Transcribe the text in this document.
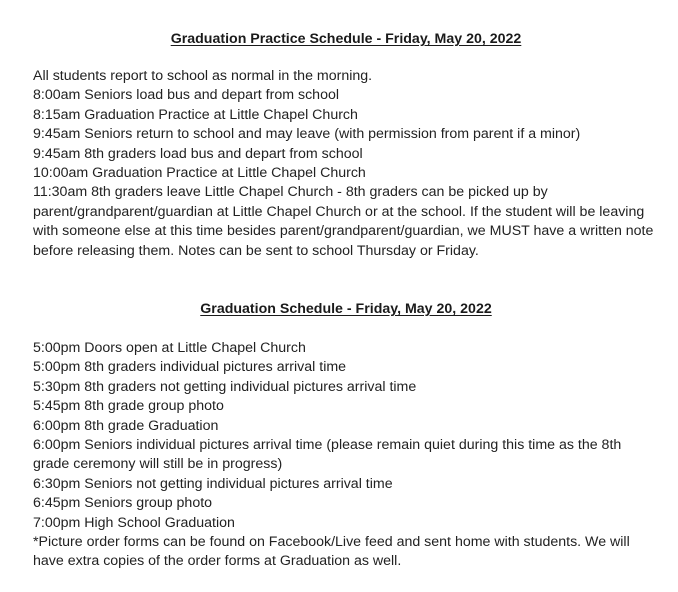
Graduation Practice Schedule - Friday, May 20, 2022
All students report to school as normal in the morning.
8:00am Seniors load bus and depart from school
8:15am Graduation Practice at Little Chapel Church
9:45am Seniors return to school and may leave (with permission from parent if a minor)
9:45am 8th graders load bus and depart from school
10:00am Graduation Practice at Little Chapel Church
11:30am 8th graders leave Little Chapel Church - 8th graders can be picked up by parent/grandparent/guardian at Little Chapel Church or at the school. If the student will be leaving with someone else at this time besides parent/grandparent/guardian, we MUST have a written note before releasing them. Notes can be sent to school Thursday or Friday.
Graduation Schedule - Friday, May 20, 2022
5:00pm Doors open at Little Chapel Church
5:00pm 8th graders individual pictures arrival time
5:30pm 8th graders not getting individual pictures arrival time
5:45pm 8th grade group photo
6:00pm 8th grade Graduation
6:00pm Seniors individual pictures arrival time (please remain quiet during this time as the 8th grade ceremony will still be in progress)
6:30pm Seniors not getting individual pictures arrival time
6:45pm Seniors group photo
7:00pm High School Graduation
*Picture order forms can be found on Facebook/Live feed and sent home with students. We will have extra copies of the order forms at Graduation as well.
